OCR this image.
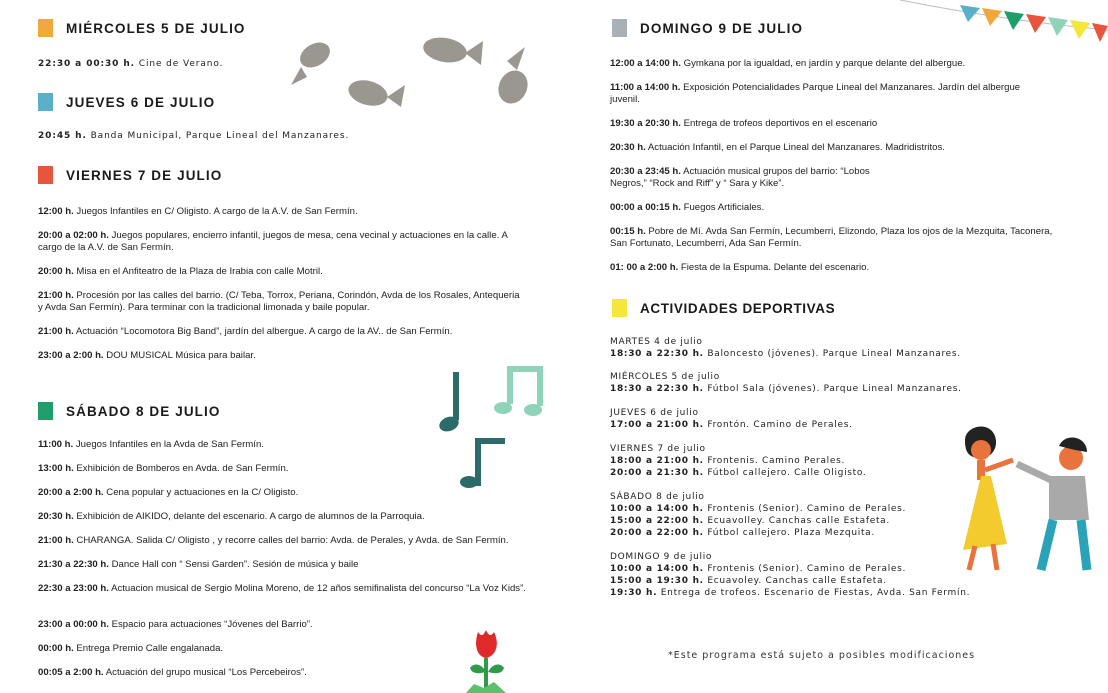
MIÉRCOLES 5 DE JULIO
22:30 a 00:30 h. Cine de Verano.
JUEVES 6 DE JULIO
20:45 h. Banda Municipal, Parque Lineal del Manzanares.
VIERNES 7 DE JULIO
12:00 h. Juegos Infantiles en C/ Oligisto. A cargo de la A.V. de San Fermín.
20:00 a 02:00 h. Juegos populares, encierro infantil, juegos de mesa, cena vecinal y actuaciones en la calle. A cargo de la A.V. de San Fermín.
20:00 h. Misa en el Anfiteatro de la Plaza de Irabia con calle Motril.
21:00 h. Procesión por las calles del barrio. (C/ Teba, Torrox, Periana, Corindón, Avda de los Rosales, Antequeria y Avda San Fermín). Para terminar con la tradicional limonada y baile popular.
21:00 h. Actuación “Locomotora Big Band”, jardín del albergue. A cargo de la AV.. de San Fermín.
23:00 a 2:00 h. DOU MUSICAL Música para bailar.
SÁBADO 8 DE JULIO
11:00 h. Juegos Infantiles en la Avda de San Fermín.
13:00 h. Exhibición de Bomberos en Avda. de San Fermín.
20:00 a 2:00 h. Cena popular y actuaciones en la C/ Oligisto.
20:30 h. Exhibición de AIKIDO, delante del escenario. A cargo de alumnos de la Parroquia.
21:00 h. CHARANGA. Salida C/ Oligisto , y recorre calles del barrio: Avda. de Perales, y Avda. de San Fermín.
21:30 a 22:30 h. Dance Hall con “ Sensi Garden”. Sesión de música y baile
22:30 a 23:00 h. Actuacion musical de Sergio Molina Moreno, de 12 años semifinalista del concurso “La Voz Kids”.
23:00 a 00:00 h. Espacio para actuaciones “Jóvenes del Barrio”.
00:00 h. Entrega Premio Calle engalanada.
00:05 a 2:00 h. Actuación del grupo musical “Los Percebeiros”.
DOMINGO 9 DE JULIO
12:00 a 14:00 h. Gymkana por la igualdad, en jardín y parque delante del albergue.
11:00 a 14:00 h. Exposición Potencialidades Parque Lineal del Manzanares. Jardín del albergue juvenil.
19:30 a 20:30 h. Entrega de trofeos deportivos en el escenario
20:30 h. Actuación Infantil, en el Parque Lineal del Manzanares. Madridistritos.
20:30 a 23:45 h. Actuación musical grupos del barrio: “Lobos Negros,” “Rock and Riff” y “ Sara y Kike”.
00:00 a 00:15 h. Fuegos Artificiales.
00:15 h. Pobre de Mí. Avda San Fermín, Lecumberri, Elizondo, Plaza los ojos de la Mezquita, Taconera, San Fortunato, Lecumberri, Ada San Fermín.
01: 00 a 2:00 h. Fiesta de la Espuma. Delante del escenario.
ACTIVIDADES DEPORTIVAS
MARTES 4 de julio
18:30 a 22:30 h. Baloncesto (jóvenes). Parque Lineal Manzanares.
MIÉRCOLES 5 de julio
18:30 a 22:30 h. Fútbol Sala (jóvenes). Parque Lineal Manzanares.
JUEVES 6 de julio
17:00 a 21:00 h. Frontón. Camino de Perales.
VIERNES 7 de julio
18:00 a 21:00 h. Frontenis. Camino Perales.
20:00 a 21:30 h. Fútbol callejero. Calle Oligisto.
SÁBADO 8 de julio
10:00 a 14:00 h. Frontenis (Senior). Camino de Perales.
15:00 a 22:00 h. Ecuavolley. Canchas calle Estafeta.
20:00 a 22:00 h. Fútbol callejero. Plaza Mezquita.
DOMINGO 9 de julio
10:00 a 14:00 h. Frontenis (Senior). Camino de Perales.
15:00 a 19:30 h. Ecuavoley. Canchas calle Estafeta.
19:30 h. Entrega de trofeos. Escenario de Fiestas, Avda. San Fermín.
*Este programa está sujeto a posibles modificaciones
